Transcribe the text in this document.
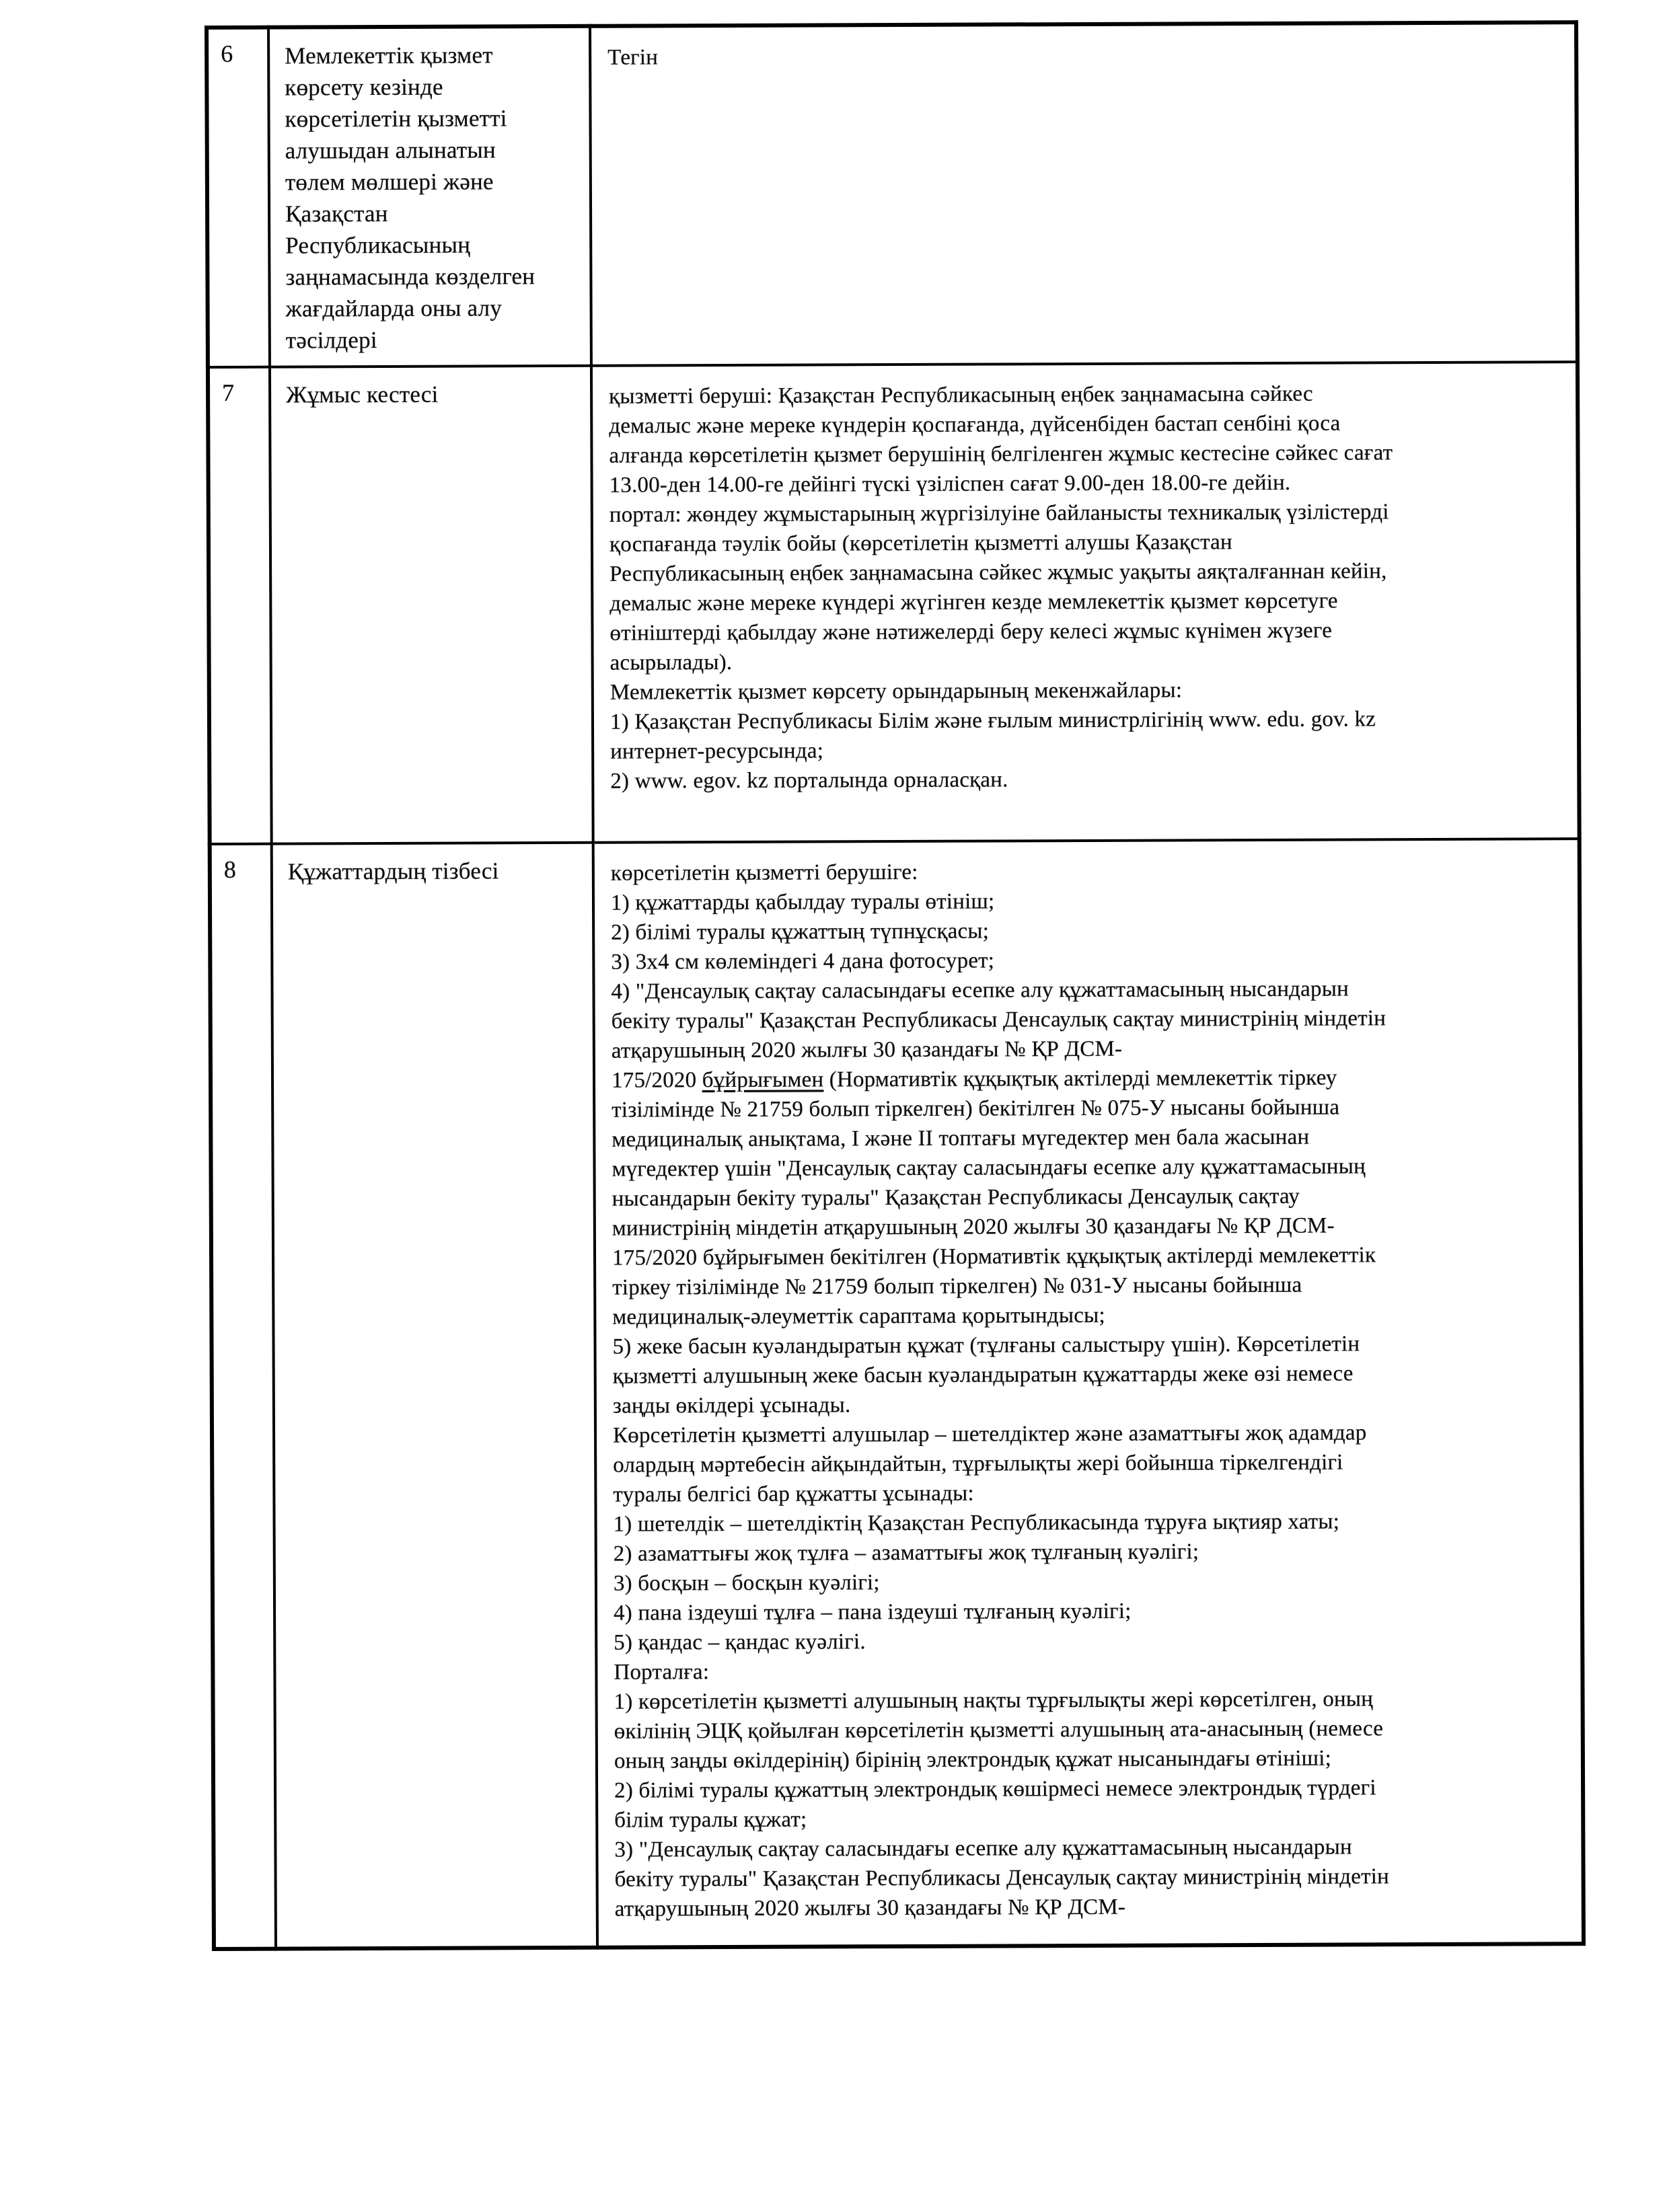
6	Мемлекеттік қызмет
көрсету кезінде
көрсетілетін қызметті
алушыдан алынатын
төлем мөлшері және
Қазақстан
Республикасының
заңнамасында көзделген
жағдайларда оны алу
тәсілдері	Тегін
7	Жұмыс кестесі	қызметті беруші: Қазақстан Республикасының еңбек заңнамасына сәйкес
демалыс және мереке күндерін қоспағанда, дүйсенбіден бастап сенбіні қоса
алғанда көрсетілетін қызмет берушінің белгіленген жұмыс кестесіне сәйкес сағат
13.00-ден 14.00-ге дейінгі түскі үзіліспен сағат 9.00-ден 18.00-ге дейін.
портал: жөндеу жұмыстарының жүргізілуіне байланысты техникалық үзілістерді
қоспағанда тәулік бойы (көрсетілетін қызметті алушы Қазақстан
Республикасының еңбек заңнамасына сәйкес жұмыс уақыты аяқталғаннан кейін,
демалыс және мереке күндері жүгінген кезде мемлекеттік қызмет көрсетуге
өтініштерді қабылдау және нәтижелерді беру келесі жұмыс күнімен жүзеге
асырылады).
Мемлекеттік қызмет көрсету орындарының мекенжайлары:
1) Қазақстан Республикасы Білім және ғылым министрлігінің www. edu. gov. kz
интернет-ресурсында;
2) www. egov. kz порталында орналасқан.
8	Құжаттардың тізбесі	көрсетілетін қызметті берушіге:
1) құжаттарды қабылдау туралы өтініш;
2) білімі туралы құжаттың түпнұсқасы;
3) 3х4 см көлеміндегі 4 дана фотосурет;
4) "Денсаулық сақтау саласындағы есепке алу құжаттамасының нысандарын
бекіту туралы" Қазақстан Республикасы Денсаулық сақтау министрінің міндетін
атқарушының 2020 жылғы 30 қазандағы № ҚР ДСМ-
175/2020 бұйрығымен (Нормативтік құқықтық актілерді мемлекеттік тіркеу
тізілімінде № 21759 болып тіркелген) бекітілген № 075-У нысаны бойынша
медициналық анықтама, I және II топтағы мүгедектер мен бала жасынан
мүгедектер үшін "Денсаулық сақтау саласындағы есепке алу құжаттамасының
нысандарын бекіту туралы" Қазақстан Республикасы Денсаулық сақтау
министрінің міндетін атқарушының 2020 жылғы 30 қазандағы № ҚР ДСМ-
175/2020 бұйрығымен бекітілген (Нормативтік құқықтық актілерді мемлекеттік
тіркеу тізілімінде № 21759 болып тіркелген) № 031-У нысаны бойынша
медициналық-әлеуметтік сараптама қорытындысы;
5) жеке басын куәландыратын құжат (тұлғаны салыстыру үшін). Көрсетілетін
қызметті алушының жеке басын куәландыратын құжаттарды жеке өзі немесе
заңды өкілдері ұсынады.
Көрсетілетін қызметті алушылар – шетелдіктер және азаматтығы жоқ адамдар
олардың мәртебесін айқындайтын, тұрғылықты жері бойынша тіркелгендігі
туралы белгісі бар құжатты ұсынады:
1) шетелдік – шетелдіктің Қазақстан Республикасында тұруға ықтияр хаты;
2) азаматтығы жоқ тұлға – азаматтығы жоқ тұлғаның куәлігі;
3) босқын – босқын куәлігі;
4) пана іздеуші тұлға – пана іздеуші тұлғаның куәлігі;
5) қандас – қандас куәлігі.
Порталға:
1) көрсетілетін қызметті алушының нақты тұрғылықты жері көрсетілген, оның
өкілінің ЭЦҚ қойылған көрсетілетін қызметті алушының ата-анасының (немесе
оның заңды өкілдерінің) бірінің электрондық құжат нысанындағы өтініші;
2) білімі туралы құжаттың электрондық көшірмесі немесе электрондық түрдегі
білім туралы құжат;
3) "Денсаулық сақтау саласындағы есепке алу құжаттамасының нысандарын
бекіту туралы" Қазақстан Республикасы Денсаулық сақтау министрінің міндетін
атқарушының 2020 жылғы 30 қазандағы № ҚР ДСМ-
